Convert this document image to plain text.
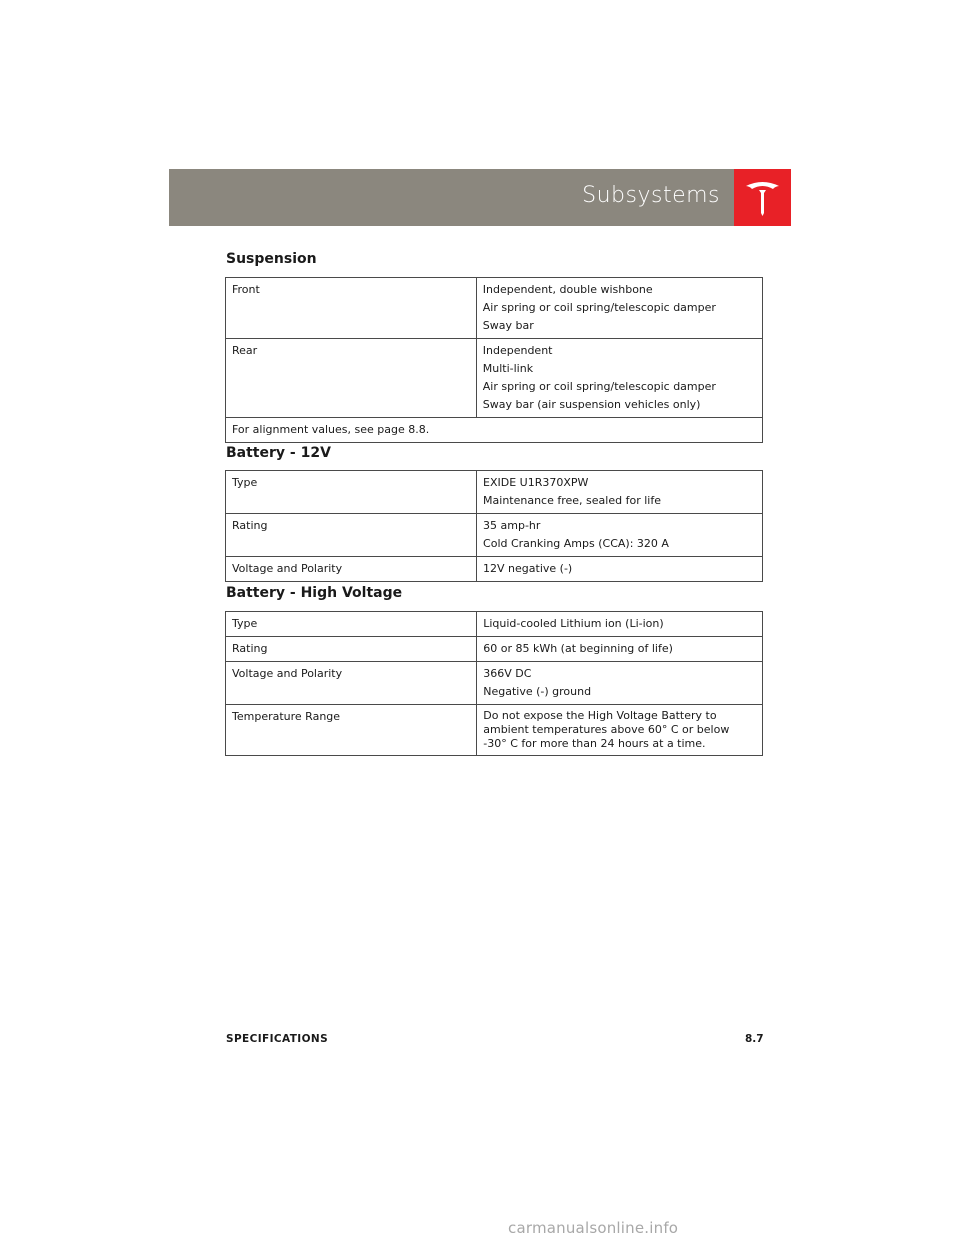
Subsystems
Suspension
Front	Independent, double wishbone
Air spring or coil spring/telescopic damper
Sway bar

Rear	Independent
Multi-link
Air spring or coil spring/telescopic damper
Sway bar (air suspension vehicles only)

For alignment values, see page 8.8.	
Battery - 12V
Type	EXIDE U1R370XPW
Maintenance free, sealed for life

Rating	35 amp-hr
Cold Cranking Amps (CCA): 320 A

Voltage and Polarity	12V negative (-)
Battery - High Voltage
Type	Liquid-cooled Lithium ion (Li-ion)

Rating	60 or 85 kWh (at beginning of life)

Voltage and Polarity	366V DC
Negative (-) ground

Temperature Range	Do not expose the High Voltage Battery to ambient temperatures above 60° C or below -30° C for more than 24 hours at a time.
SPECIFICATIONS	8.7
carmanualsonline.info
